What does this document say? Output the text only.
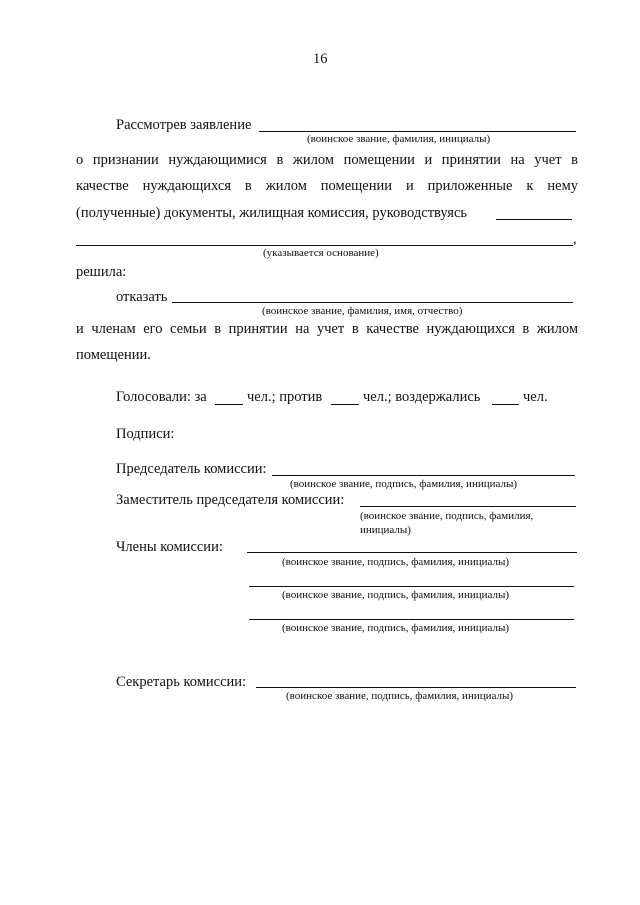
16
Рассмотрев заявление
(воинское звание, фамилия, инициалы)
о признании нуждающимися в жилом помещении и принятии на учет в
качестве нуждающихся в жилом помещении и приложенные к нему
(полученные) документы, жилищная комиссия, руководствуясь
,
(указывается основание)
решила:
отказать
(воинское звание, фамилия, имя, отчество)
и членам его семьи в принятии на учет в качестве нуждающихся в жилом
помещении.
Голосовали: за	чел.; против	чел.; воздержались	чел.
Подписи:
Председатель комиссии:
(воинское звание, подпись, фамилия, инициалы)
Заместитель председателя комиссии:
(воинское звание, подпись, фамилия,
инициалы)
Члены комиссии:
(воинское звание, подпись, фамилия, инициалы)
(воинское звание, подпись, фамилия, инициалы)
(воинское звание, подпись, фамилия, инициалы)
Секретарь комиссии:
(воинское звание, подпись, фамилия, инициалы)
